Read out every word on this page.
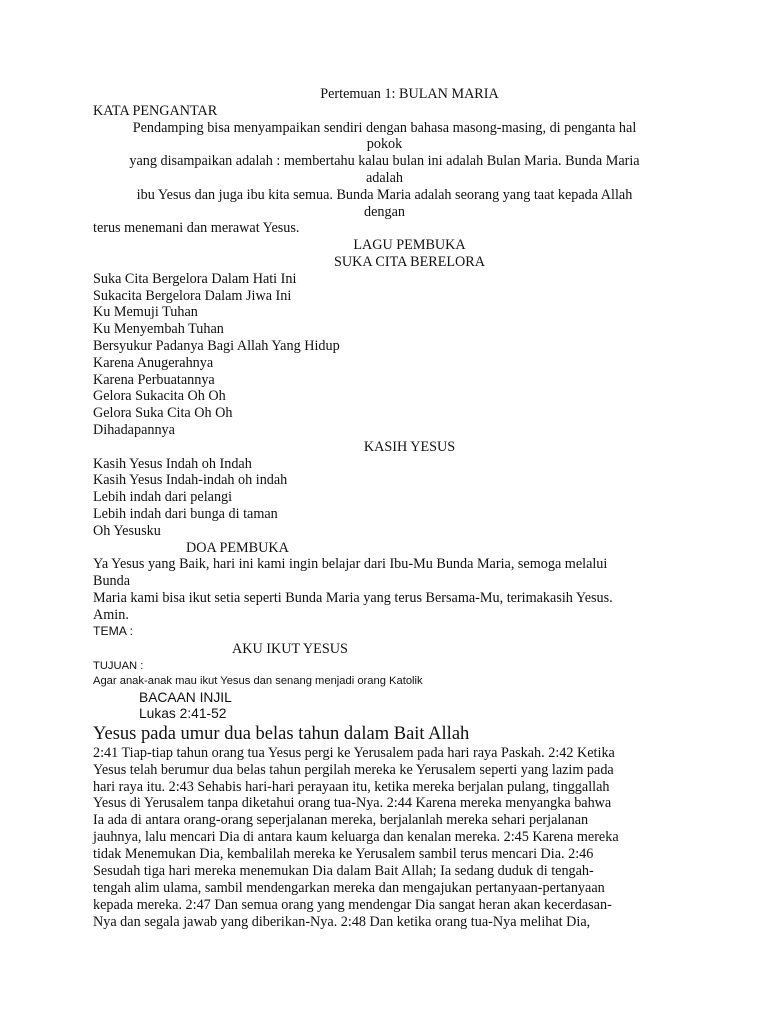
Pertemuan 1: BULAN MARIA
KATA PENGANTAR
Pendamping bisa menyampaikan sendiri dengan bahasa masong-masing, di penganta hal
pokok
yang disampaikan adalah : membertahu kalau bulan ini adalah Bulan Maria. Bunda Maria
adalah
ibu Yesus dan juga ibu kita semua. Bunda Maria adalah seorang yang taat kepada Allah
dengan
terus menemani dan merawat Yesus.
LAGU PEMBUKA
SUKA CITA BERELORA
Suka Cita Bergelora Dalam Hati Ini
Sukacita Bergelora Dalam Jiwa Ini
Ku Memuji Tuhan
Ku Menyembah Tuhan
Bersyukur Padanya Bagi Allah Yang Hidup
Karena Anugerahnya
Karena Perbuatannya
Gelora Sukacita Oh Oh
Gelora Suka Cita Oh Oh
Dihadapannya
KASIH YESUS
Kasih Yesus Indah oh Indah
Kasih Yesus Indah-indah oh indah
Lebih indah dari pelangi
Lebih indah dari bunga di taman
Oh Yesusku
DOA PEMBUKA
Ya Yesus yang Baik, hari ini kami ingin belajar dari Ibu-Mu Bunda Maria, semoga melalui
Bunda
Maria kami bisa ikut setia seperti Bunda Maria yang terus Bersama-Mu, terimakasih Yesus.
Amin.
TEMA :
AKU IKUT YESUS
TUJUAN :
Agar anak-anak mau ikut Yesus dan senang menjadi orang Katolik
BACAAN INJIL
Lukas 2:41-52
Yesus pada umur dua belas tahun dalam Bait Allah
2:41 Tiap-tiap tahun orang tua Yesus pergi ke Yerusalem pada hari raya Paskah. 2:42 Ketika
Yesus telah berumur dua belas tahun pergilah mereka ke Yerusalem seperti yang lazim pada
hari raya itu. 2:43 Sehabis hari-hari perayaan itu, ketika mereka berjalan pulang, tinggallah
Yesus di Yerusalem tanpa diketahui orang tua-Nya. 2:44 Karena mereka menyangka bahwa
Ia ada di antara orang-orang seperjalanan mereka, berjalanlah mereka sehari perjalanan
jauhnya, lalu mencari Dia di antara kaum keluarga dan kenalan mereka. 2:45 Karena mereka
tidak Menemukan Dia, kembalilah mereka ke Yerusalem sambil terus mencari Dia. 2:46
Sesudah tiga hari mereka menemukan Dia dalam Bait Allah; Ia sedang duduk di tengah-
tengah alim ulama, sambil mendengarkan mereka dan mengajukan pertanyaan-pertanyaan
kepada mereka. 2:47 Dan semua orang yang mendengar Dia sangat heran akan kecerdasan-
Nya dan segala jawab yang diberikan-Nya. 2:48 Dan ketika orang tua-Nya melihat Dia,
